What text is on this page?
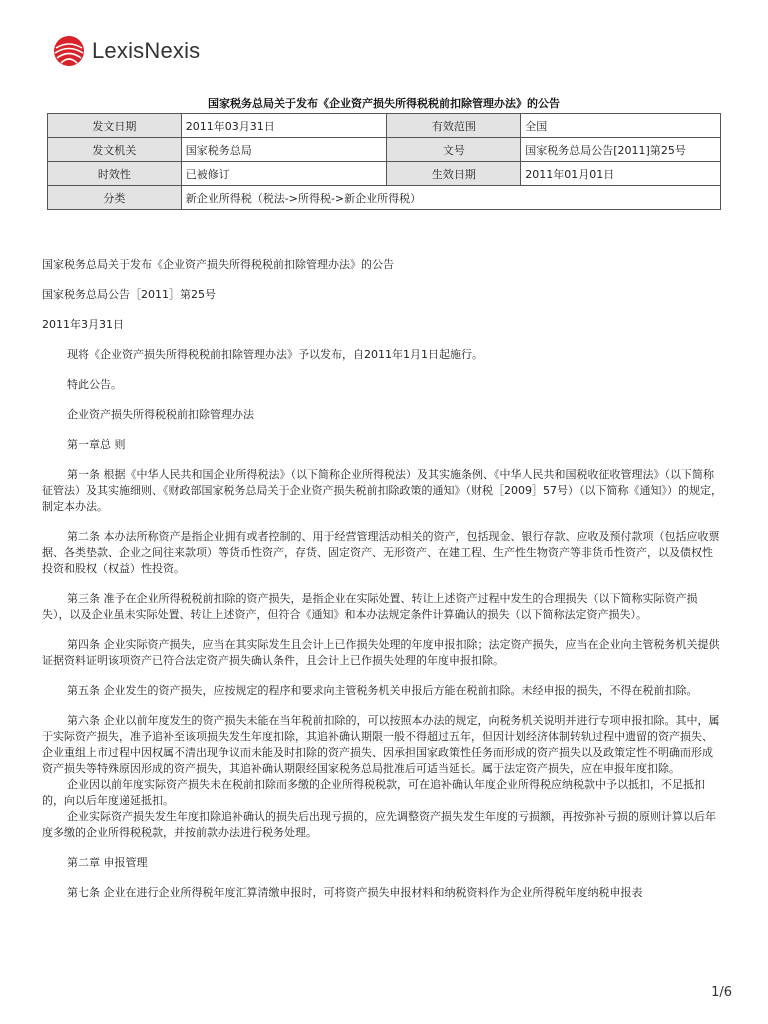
LexisNexis
国家税务总局关于发布《企业资产损失所得税税前扣除管理办法》的公告
发文日期	2011年03月31日	有效范围	全国
发文机关	国家税务总局	文号	国家税务总局公告[2011]第25号
时效性	已被修订	生效日期	2011年01月01日
分类	新企业所得税（税法->所得税->新企业所得税）		

国家税务总局关于发布《企业资产损失所得税税前扣除管理办法》的公告

国家税务总局公告［2011］第25号

2011年3月31日

现将《企业资产损失所得税税前扣除管理办法》予以发布，自2011年1月1日起施行。

特此公告。

企业资产损失所得税税前扣除管理办法

第一章总 则

第一条 根据《中华人民共和国企业所得税法》（以下简称企业所得税法）及其实施条例、《中华人民共和国税收征收管理法》（以下简称征管法）及其实施细则、《财政部国家税务总局关于企业资产损失税前扣除政策的通知》（财税［2009］57号）（以下简称《通知》）的规定，制定本办法。

第二条 本办法所称资产是指企业拥有或者控制的、用于经营管理活动相关的资产，包括现金、银行存款、应收及预付款项（包括应收票据、各类垫款、企业之间往来款项）等货币性资产，存货、固定资产、无形资产、在建工程、生产性生物资产等非货币性资产，以及债权性投资和股权（权益）性投资。

第三条 准予在企业所得税税前扣除的资产损失，是指企业在实际处置、转让上述资产过程中发生的合理损失（以下简称实际资产损失），以及企业虽未实际处置、转让上述资产，但符合《通知》和本办法规定条件计算确认的损失（以下简称法定资产损失）。

第四条 企业实际资产损失，应当在其实际发生且会计上已作损失处理的年度申报扣除；法定资产损失，应当在企业向主管税务机关提供证据资料证明该项资产已符合法定资产损失确认条件，且会计上已作损失处理的年度申报扣除。

第五条 企业发生的资产损失，应按规定的程序和要求向主管税务机关申报后方能在税前扣除。未经申报的损失，不得在税前扣除。

第六条 企业以前年度发生的资产损失未能在当年税前扣除的，可以按照本办法的规定，向税务机关说明并进行专项申报扣除。其中，属于实际资产损失，准予追补至该项损失发生年度扣除，其追补确认期限一般不得超过五年，但因计划经济体制转轨过程中遗留的资产损失、企业重组上市过程中因权属不清出现争议而未能及时扣除的资产损失、因承担国家政策性任务而形成的资产损失以及政策定性不明确而形成资产损失等特殊原因形成的资产损失，其追补确认期限经国家税务总局批准后可适当延长。属于法定资产损失，应在申报年度扣除。

企业因以前年度实际资产损失未在税前扣除而多缴的企业所得税税款，可在追补确认年度企业所得税应纳税款中予以抵扣，不足抵扣的，向以后年度递延抵扣。

企业实际资产损失发生年度扣除追补确认的损失后出现亏损的，应先调整资产损失发生年度的亏损额，再按弥补亏损的原则计算以后年度多缴的企业所得税税款，并按前款办法进行税务处理。

第二章 申报管理

第七条 企业在进行企业所得税年度汇算清缴申报时，可将资产损失申报材料和纳税资料作为企业所得税年度纳税申报表

1/6
